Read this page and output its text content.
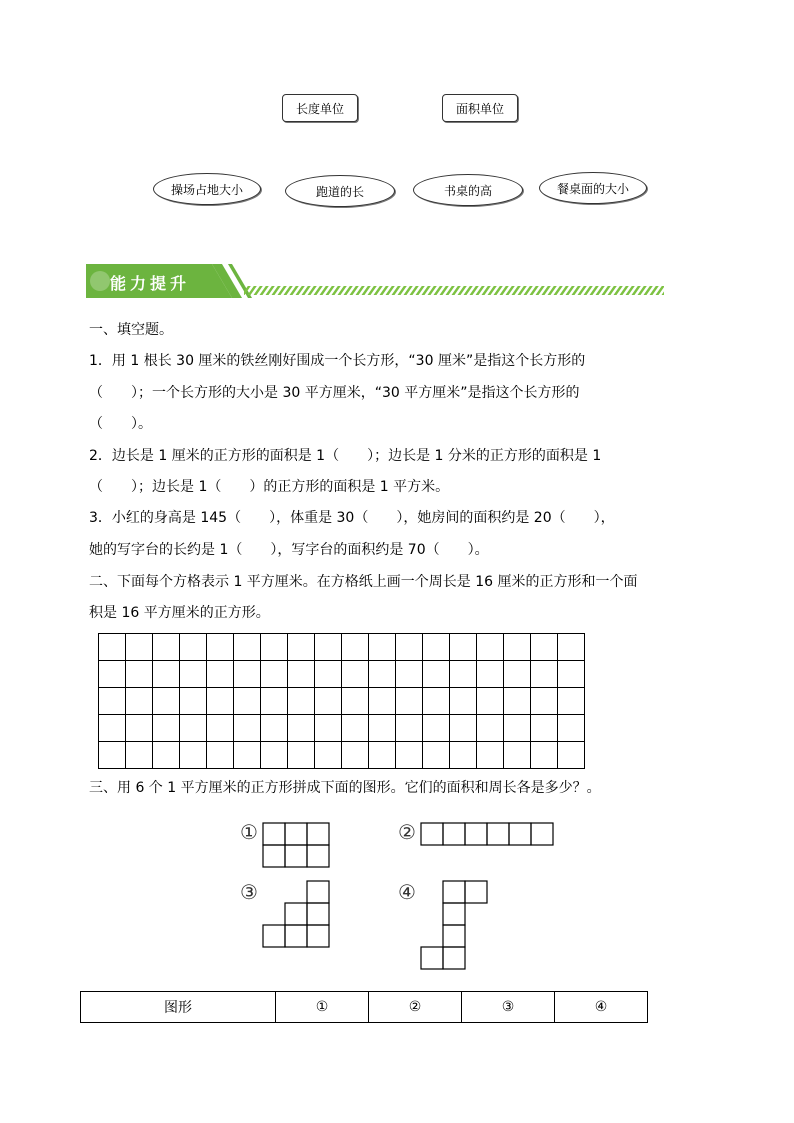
长度单位	面积单位
操场占地大小	跑道的长	书桌的高	餐桌面的大小
能力提升
一、填空题。
1．用 1 根长 30 厘米的铁丝刚好围成一个长方形，“30 厘米”是指这个长方形的
（　　）；一个长方形的大小是 30 平方厘米，“30 平方厘米”是指这个长方形的
（　　）。
2．边长是 1 厘米的正方形的面积是 1（　　）；边长是 1 分米的正方形的面积是 1
（　　）；边长是 1（　　）的正方形的面积是 1 平方米。
3．小红的身高是 145（　　），体重是 30（　　），她房间的面积约是 20（　　），
她的写字台的长约是 1（　　），写字台的面积约是 70（　　）。
二、下面每个方格表示 1 平方厘米。在方格纸上画一个周长是 16 厘米的正方形和一个面
积是 16 平方厘米的正方形。

三、用 6 个 1 平方厘米的正方形拼成下面的图形。它们的面积和周长各是多少？。
①	②
③	④
图形	①	②	③	④
